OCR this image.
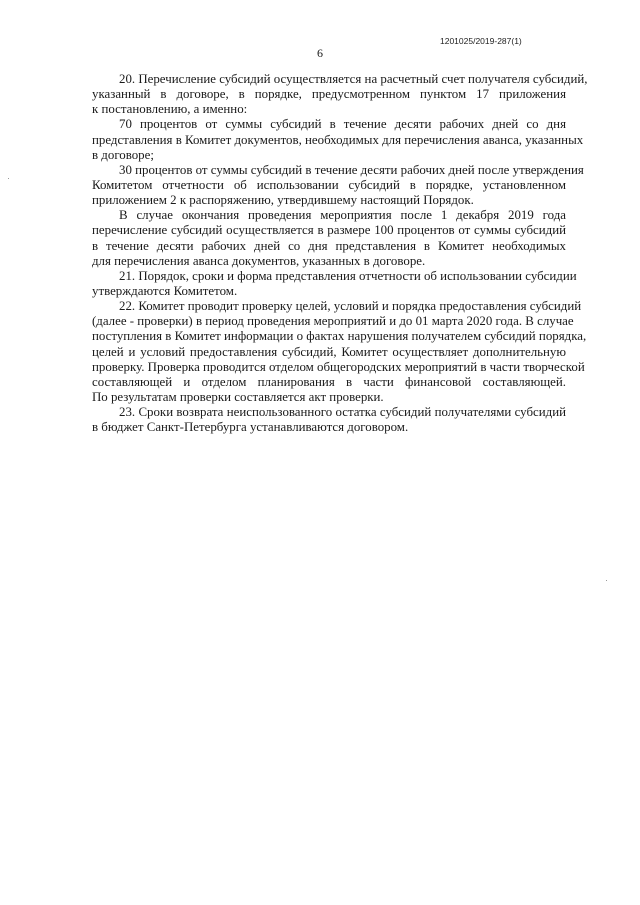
1201025/2019-287(1)
6
20. Перечисление субсидий осуществляется на расчетный счет получателя субсидий,
указанный в договоре, в порядке, предусмотренном пунктом 17 приложения
к постановлению, а именно:
70 процентов от суммы субсидий в течение десяти рабочих дней со дня
представления в Комитет документов, необходимых для перечисления аванса, указанных
в договоре;
30 процентов от суммы субсидий в течение десяти рабочих дней после утверждения
Комитетом отчетности об использовании субсидий в порядке, установленном
приложением 2 к распоряжению, утвердившему настоящий Порядок.
В случае окончания проведения мероприятия после 1 декабря 2019 года
перечисление субсидий осуществляется в размере 100 процентов от суммы субсидий
в течение десяти рабочих дней со дня представления в Комитет необходимых
для перечисления аванса документов, указанных в договоре.
21. Порядок, сроки и форма представления отчетности об использовании субсидии
утверждаются Комитетом.
22. Комитет проводит проверку целей, условий и порядка предоставления субсидий
(далее - проверки) в период проведения мероприятий и до 01 марта 2020 года. В случае
поступления в Комитет информации о фактах нарушения получателем субсидий порядка,
целей и условий предоставления субсидий, Комитет осуществляет дополнительную
проверку. Проверка проводится отделом общегородских мероприятий в части творческой
составляющей и отделом планирования в части финансовой составляющей.
По результатам проверки составляется акт проверки.
23. Сроки возврата неиспользованного остатка субсидий получателями субсидий
в бюджет Санкт-Петербурга устанавливаются договором.
